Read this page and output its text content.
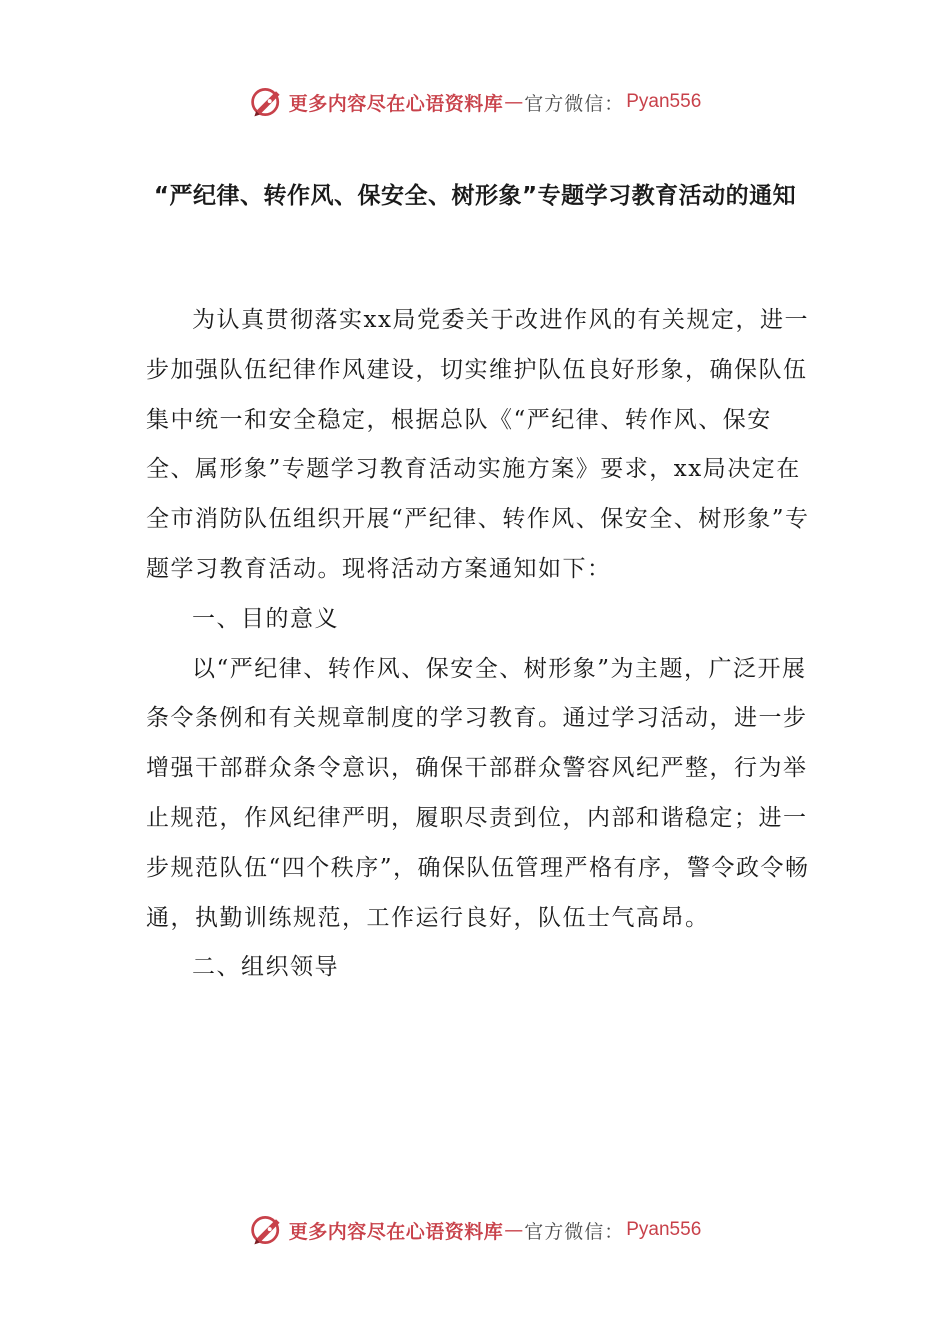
更多内容尽在心语资料库 — 官方微信： Pyan556
“严纪律、转作风、保安全、树形象”专题学习教育活动的通知

为认真贯彻落实xx局党委关于改进作风的有关规定，进一步加强队伍纪律作风建设，切实维护队伍良好形象，确保队伍集中统一和安全稳定，根据总队《“严纪律、转作风、保安全、属形象”专题学习教育活动实施方案》要求，xx局决定在全市消防队伍组织开展“严纪律、转作风、保安全、树形象”专题学习教育活动。现将活动方案通知如下：

一、目的意义

以“严纪律、转作风、保安全、树形象”为主题，广泛开展条令条例和有关规章制度的学习教育。通过学习活动，进一步增强干部群众条令意识，确保干部群众警容风纪严整，行为举止规范，作风纪律严明，履职尽责到位，内部和谐稳定；进一步规范队伍“四个秩序”，确保队伍管理严格有序，警令政令畅通，执勤训练规范，工作运行良好，队伍士气高昂。

二、组织领导

更多内容尽在心语资料库 — 官方微信： Pyan556
